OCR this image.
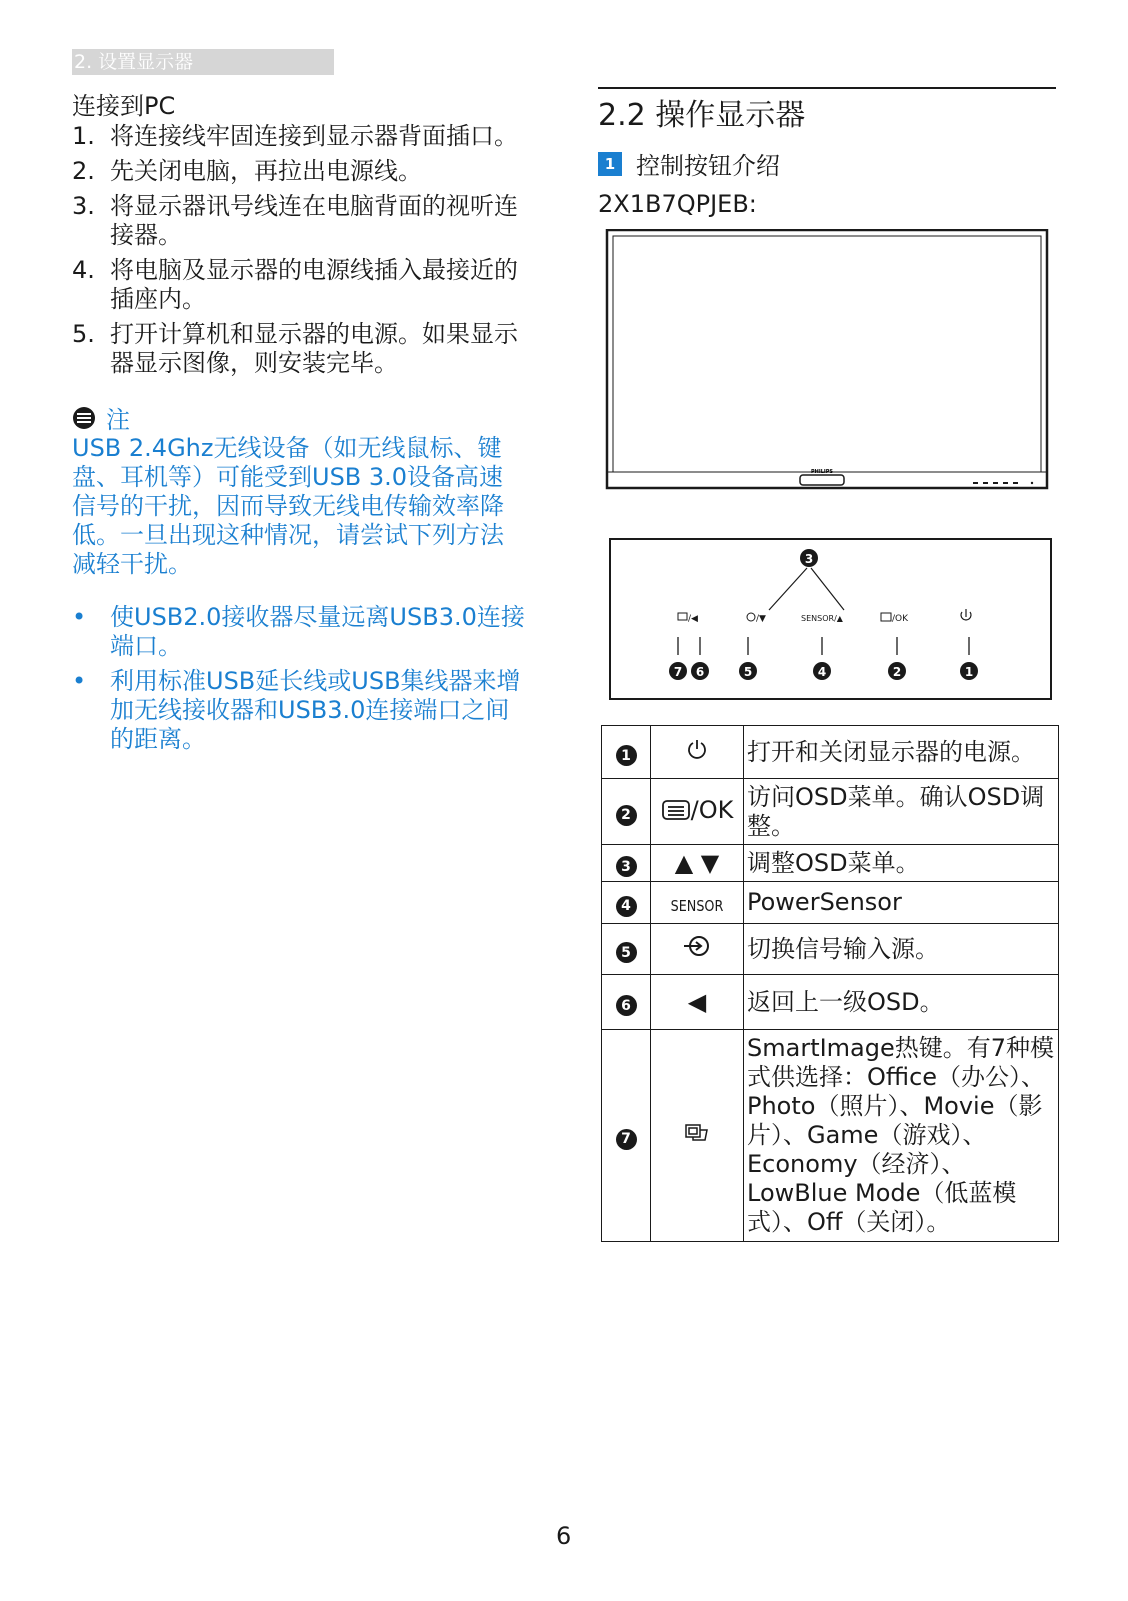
2. 设置显示器
连接到PC
1. 将连接线牢固连接到显示器背面插口。
2. 先关闭电脑，再拉出电源线。
3. 将显示器讯号线连在电脑背面的视听连接器。
4. 将电脑及显示器的电源线插入最接近的插座内。
5. 打开计算机和显示器的电源。如果显示器显示图像，则安装完毕。
注

USB 2.4Ghz无线设备（如无线鼠标、键盘、耳机等）可能受到USB 3.0设备高速信号的干扰，因而导致无线电传输效率降低。一旦出现这种情况，请尝试下列方法减轻干扰。

• 使USB2.0接收器尽量远离USB3.0连接端口。
• 利用标准USB延长线或USB集线器来增加无线接收器和USB3.0连接端口之间的距离。
2.2 操作显示器
1 控制按钮介绍
2X1B7QPJEB:
PHILIPS
3
/◀	/▼	SENSOR/▲	/OK
7 6	5	4	2	1
1		打开和关闭显示器的电源。
2	/OK	访问OSD菜单。确认OSD调整。
3	▲ ▼	调整OSD菜单。
4	SENSOR	PowerSensor
5		切换信号输入源。
6	◀	返回上一级OSD。
7		SmartImage热键。有7种模式供选择：Office（办公）、Photo（照片）、Movie（影片）、Game（游戏）、Economy（经济）、LowBlue Mode（低蓝模式）、Off（关闭）。
6
